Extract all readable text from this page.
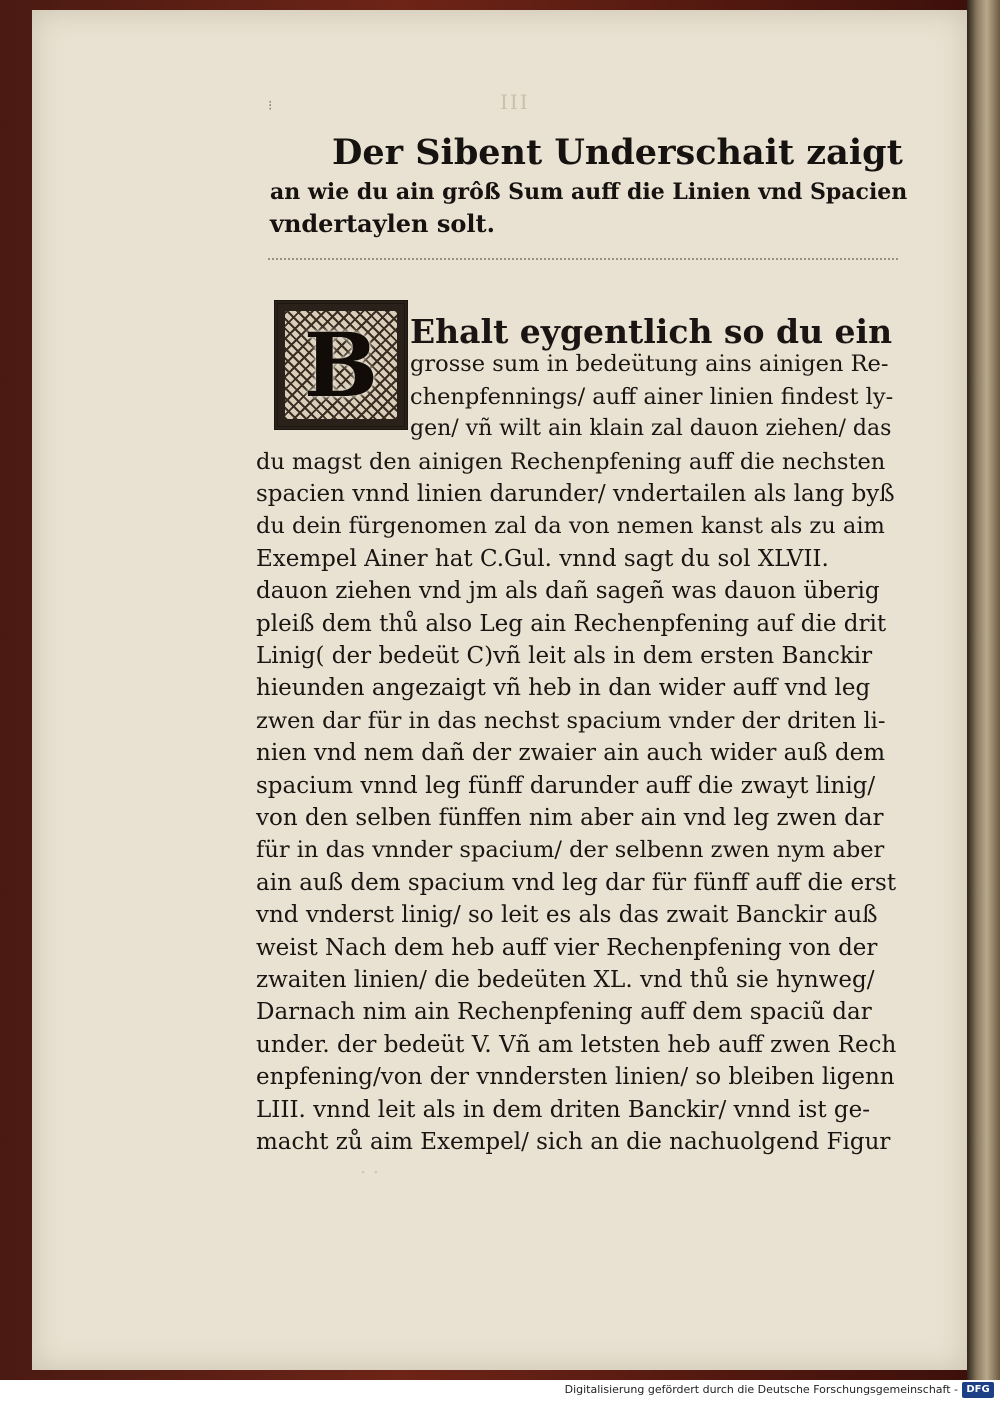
III
⁝
Der Sibent Underschait zaigt
an wie du ain grôß Sum auff die Linien vnd Spacien
vndertaylen solt.
B Ehalt eygentlich so du ein
grosse sum in bedeütung ains ainigen Re-
chenpfennings/ auff ainer linien findest ly-
gen/ vñ wilt ain klain zal dauon ziehen/ das
du magst den ainigen Rechenpfening auff die nechsten
spacien vnnd linien darunder/ vndertailen als lang byß
du dein fürgenomen zal da von nemen kanst als zu aim
Exempel Ainer hat C.Gul. vnnd sagt du sol XLVII.
dauon ziehen vnd jm als dañ sageñ was dauon überig
pleiß dem thů also Leg ain Rechenpfening auf die drit
Linig( der bedeüt C)vñ leit als in dem ersten Banckir
hieunden angezaigt vñ heb in dan wider auff vnd leg
zwen dar für in das nechst spacium vnder der driten li-
nien vnd nem dañ der zwaier ain auch wider auß dem
spacium vnnd leg fünff darunder auff die zwayt linig/
von den selben fünffen nim aber ain vnd leg zwen dar
für in das vnnder spacium/ der selbenn zwen nym aber
ain auß dem spacium vnd leg dar für fünff auff die erst
vnd vnderst linig/ so leit es als das zwait Banckir auß
weist Nach dem heb auff vier Rechenpfening von der
zwaiten linien/ die bedeüten XL. vnd thů sie hynweg/
Darnach nim ain Rechenpfening auff dem spaciũ dar
under. der bedeüt V. Vñ am letsten heb auff zwen Rech
enpfening/von der vnndersten linien/ so bleiben ligenn
LIII. vnnd leit als in dem driten Banckir/ vnnd ist ge-
macht zů aim Exempel/ sich an die nachuolgend Figur
· ·
Digitalisierung gefördert durch die Deutsche Forschungsgemeinschaft - DFG
